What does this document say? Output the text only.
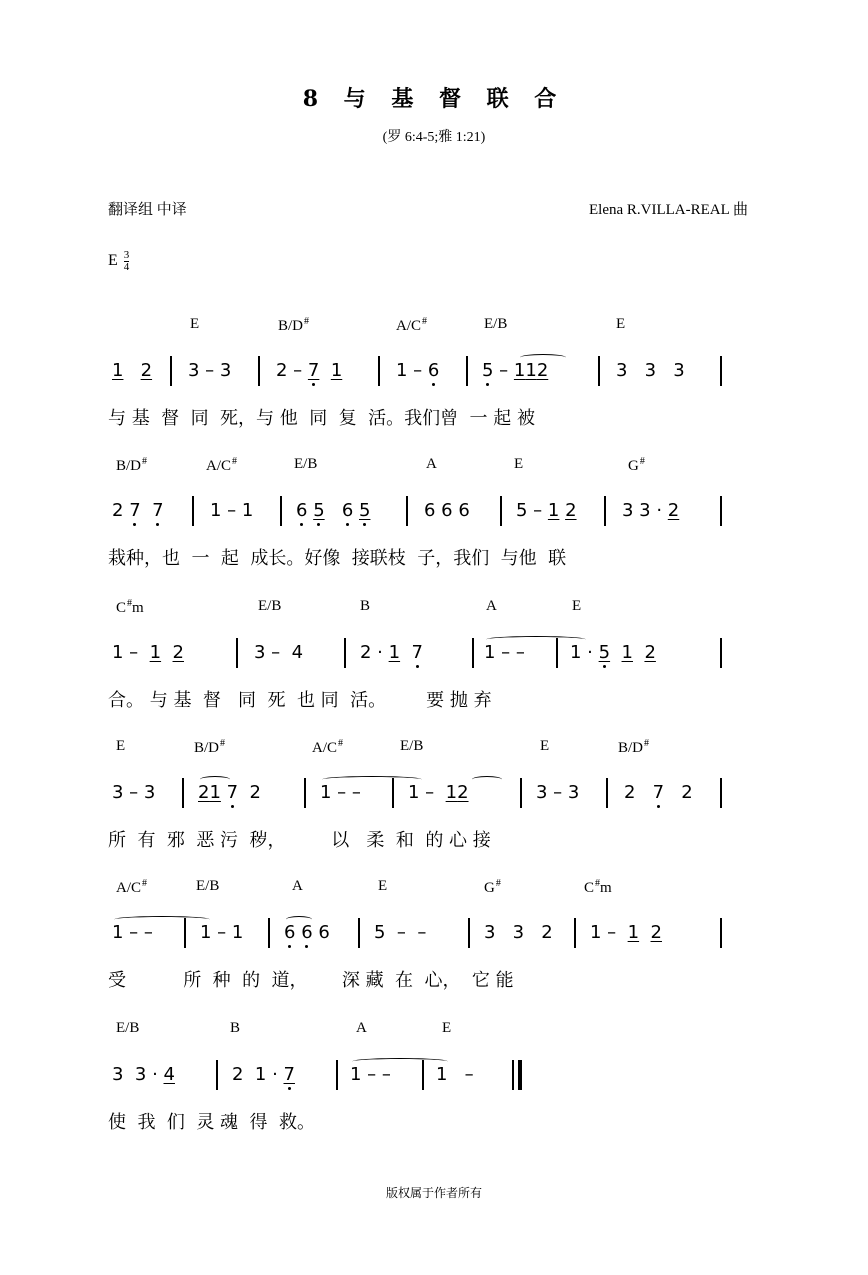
8 与 基 督 联 合
(罗 6:4-5;雅 1:21)
翻译组 中译	Elena R.VILLA-REAL 曲
E $\frac{3}{4}$
E	B/D#	A/C#	E/B	E
1 2 3 – 3 2 – 7 1	1 – 6 5 – 112	3   3   3
与 基  督  同  死，与 他  同  复  活。我们曾  一 起 被
B/D#	A/C#	E/B	A	E	G#
2 7 7	1 – 1 6 5 6 5	6 6 6	5 – 1 2	3 3 · 2
栽种，也  一  起  成长。好像  接联枝  子，我们  与他  联
C#m	E/B	B	A	E
1 –  1 2	3 –  4	2 · 1 7	1 – –	1 · 5 1 2
合。 与 基  督   同  死  也 同  活。       要 抛 弃
E	B/D#	A/C#	E/B	E	B/D#
3 – 3 21 7  2	1 – –	1 –  12	3 – 3 2   7   2
所  有  邪  恶 污  秽，        以   柔  和  的 心 接
A/C#	E/B	A	E	G#	C#m
1 – –	1 – 1 6 6 6 5  –  –	3   3   2 1 –  1 2
受          所  种  的  道，      深 藏  在  心，  它 能
E/B	B	A	E
3  3 · 4	2  1 · 7	1 – –	1   –
使  我  们  灵 魂  得  救。
版权属于作者所有
